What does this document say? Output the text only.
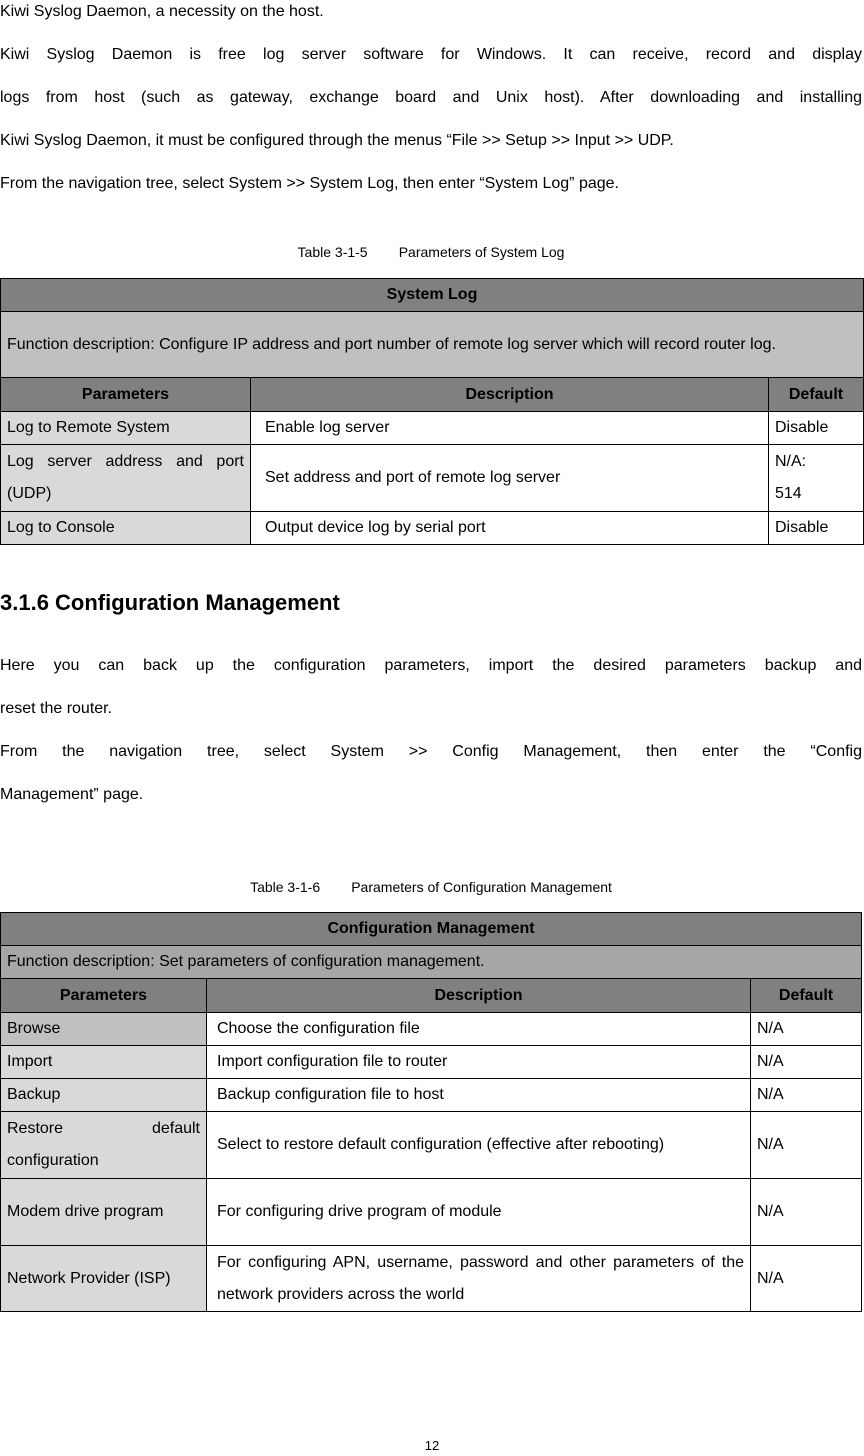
Kiwi Syslog Daemon, a necessity on the host.
Kiwi Syslog Daemon is free log server software for Windows. It can receive, record and display
logs from host (such as gateway, exchange board and Unix host). After downloading and installing
Kiwi Syslog Daemon, it must be configured through the menus “File >> Setup >> Input >> UDP.
From the navigation tree, select System >> System Log, then enter “System Log” page.
Table 3-1-5        Parameters of System Log
System Log		
Function description: Configure IP address and port number of remote log server which will record router log.		
Parameters	Description	Default
Log to Remote System	Enable log server	Disable
Log server address and port (UDP)	Set address and port of remote log server	N/A: 514
Log to Console	Output device log by serial port	Disable
3.1.6 Configuration Management
Here you can back up the configuration parameters, import the desired parameters backup and
reset the router.
From the navigation tree, select System >> Config Management, then enter the “Config
Management” page.
Table 3-1-6        Parameters of Configuration Management
Configuration Management		
Function description: Set parameters of configuration management.		
Parameters	Description	Default
Browse	Choose the configuration file	N/A
Import	Import configuration file to router	N/A
Backup	Backup configuration file to host	N/A
Restore default configuration	Select to restore default configuration (effective after rebooting)	N/A
Modem drive program	For configuring drive program of module	N/A
Network Provider (ISP)	For configuring APN, username, password and other parameters of the network providers across the world	N/A
12
